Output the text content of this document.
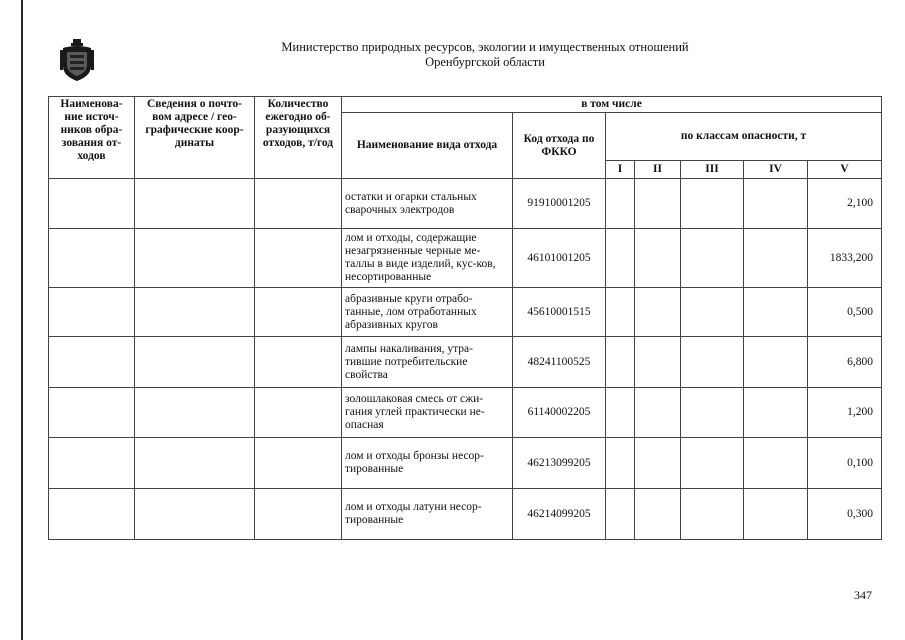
Министерство природных ресурсов, экологии и имущественных отношений
Оренбургской области
Наименова-ние источ-ников обра-зования от-ходов	Сведения о почто-вом адресе / гео-графические коор-динаты	Количество ежегодно об-разующихся отходов, т/год	в том числе						
			Наименование вида отхода	Код отхода по ФККО	по классам опасности, т				
					I	II	III	IV	V
			остатки и огарки стальных сварочных электродов	91910001205					2,100
			лом и отходы, содержащие незагрязненные черные ме-таллы в виде изделий, кус-ков, несортированные	46101001205					1833,200
			абразивные круги отрабо-танные, лом отработанных абразивных кругов	45610001515					0,500
			лампы накаливания, утра-тившие потребительские свойства	48241100525					6,800
			золошлаковая смесь от сжи-гания углей практически не-опасная	61140002205					1,200
			лом и отходы бронзы несор-тированные	46213099205					0,100
			лом и отходы латуни несор-тированные	46214099205					0,300
347
